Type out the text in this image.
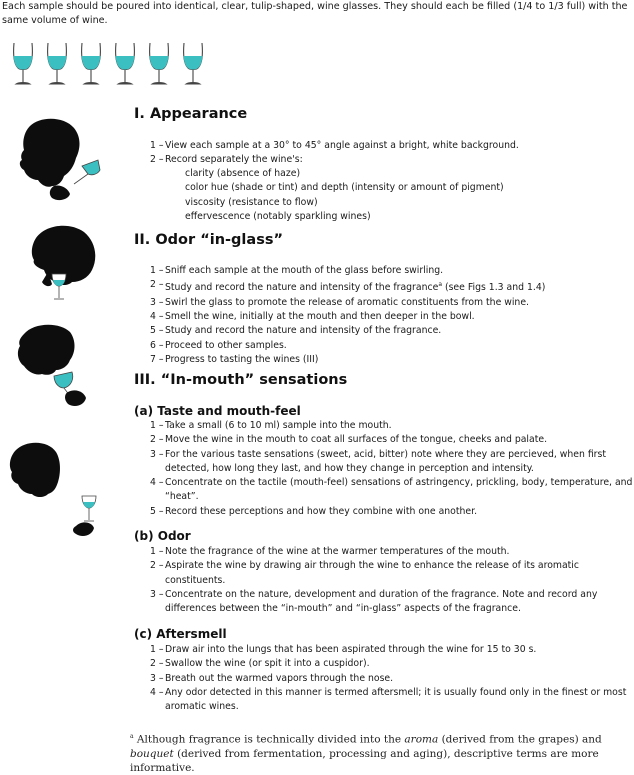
Each sample should be poured into identical, clear, tulip-shaped, wine glasses. They should each be filled (1/4 to 1/3 full) with the same volume of wine.
I. Appearance
1 – View each sample at a 30° to 45° angle against a bright, white background.
2 – Record separately the wine's:
clarity (absence of haze)
color hue (shade or tint) and depth (intensity or amount of pigment)
viscosity (resistance to flow)
effervescence (notably sparkling wines)
II. Odor “in-glass”
1 – Sniff each sample at the mouth of the glass before swirling.
2 – Study and record the nature and intensity of the fragrance$^a$ (see Figs 1.3 and 1.4)
3 – Swirl the glass to promote the release of aromatic constituents from the wine.
4 – Smell the wine, initially at the mouth and then deeper in the bowl.
5 – Study and record the nature and intensity of the fragrance.
6 – Proceed to other samples.
7 – Progress to tasting the wines (III)
III. “In-mouth” sensations
(a) Taste and mouth-feel
1 – Take a small (6 to 10 ml) sample into the mouth.
2 – Move the wine in the mouth to coat all surfaces of the tongue, cheeks and palate.
3 – For the various taste sensations (sweet, acid, bitter) note where they are percieved, when first detected, how long they last, and how they change in perception and intensity.
4 – Concentrate on the tactile (mouth-feel) sensations of astringency, prickling, body, temperature, and “heat”.
5 – Record these perceptions and how they combine with one another.
(b) Odor
1 – Note the fragrance of the wine at the warmer temperatures of the mouth.
2 – Aspirate the wine by drawing air through the wine to enhance the release of its aromatic constituents.
3 – Concentrate on the nature, development and duration of the fragrance. Note and record any differences between the “in-mouth” and “in-glass” aspects of the fragrance.
(c) Aftersmell
1 – Draw air into the lungs that has been aspirated through the wine for 15 to 30 s.
2 – Swallow the wine (or spit it into a cuspidor).
3 – Breath out the warmed vapors through the nose.
4 – Any odor detected in this manner is termed aftersmell; it is usually found only in the finest or most aromatic wines.
$^a$ Although fragrance is technically divided into the aroma (derived from the grapes) and bouquet (derived from fermentation, processing and aging), descriptive terms are more informative.
